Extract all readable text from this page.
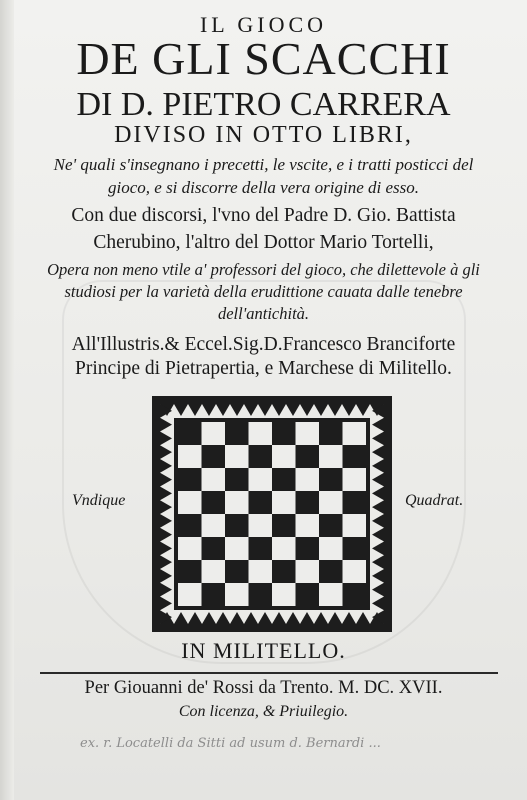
IL GIOCO
DE GLI SCACCHI
DI D. PIETRO CARRERA
DIVISO IN OTTO LIBRI,
Ne' quali s'insegnano i precetti, le vscite, e i tratti posticci del
gioco, e si discorre della vera origine di esso.
Con due discorsi, l'vno del Padre D. Gio. Battista
Cherubino, l'altro del Dottor Mario Tortelli,
Opera non meno vtile a' professori del gioco, che dilettevole à gli
studiosi per la varietà della erudittione cauata dalle tenebre
dell'antichità.
All'Illustris.& Eccel.Sig.D.Francesco Branciforte
Principe di Pietrapertia, e Marchese di Militello.
Vndique	Quadrat.
IN MILITELLO.
Per Giouanni de' Rossi da Trento. M. DC. XVII.
Con licenza, & Priuilegio.
ex. r. Locatelli da Sitti ad usum d. Bernardi ...
